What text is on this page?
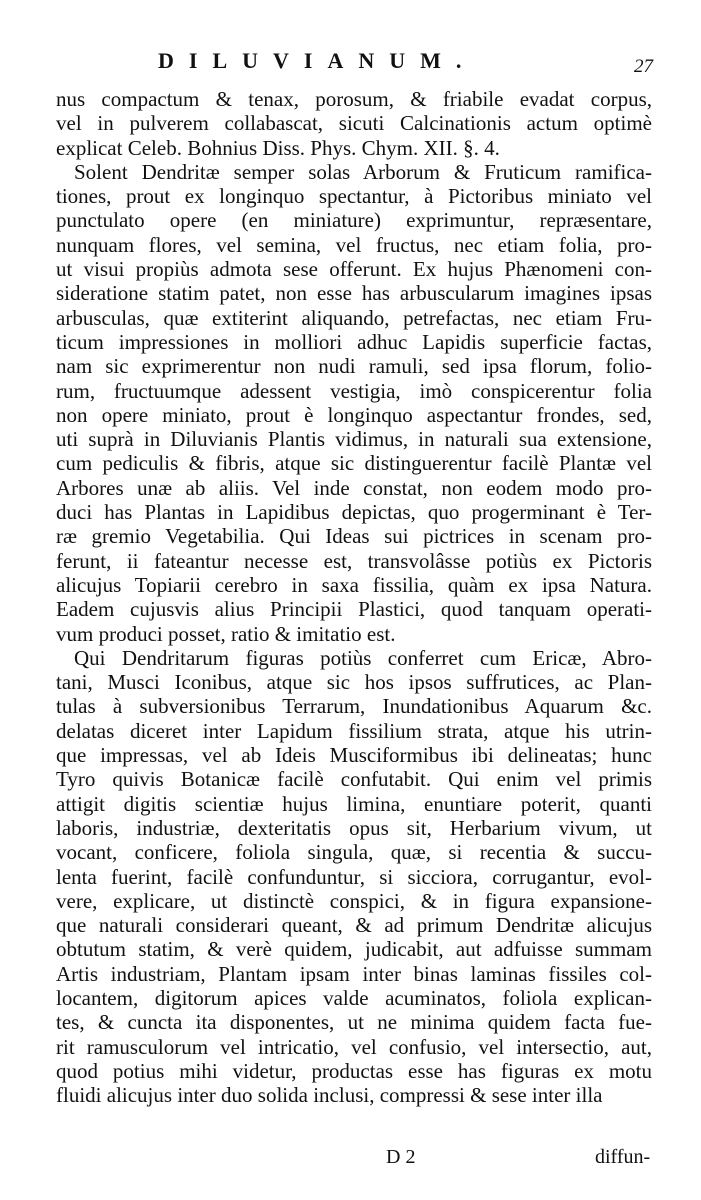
DILUVIANUM.	27
nus compactum & tenax, porosum, & friabile evadat corpus,
vel in pulverem collabascat, sicuti Calcinationis actum optimè
explicat Celeb. Bohnius Diss. Phys. Chym. XII. §. 4.
Solent Dendritæ semper solas Arborum & Fruticum ramifica-
tiones, prout ex longinquo spectantur, à Pictoribus miniato vel
punctulato opere (en miniature) exprimuntur, repræsentare,
nunquam flores, vel semina, vel fructus, nec etiam folia, pro-
ut visui propiùs admota sese offerunt. Ex hujus Phænomeni con-
sideratione statim patet, non esse has arbuscularum imagines ipsas
arbusculas, quæ extiterint aliquando, petrefactas, nec etiam Fru-
ticum impressiones in molliori adhuc Lapidis superficie factas,
nam sic exprimerentur non nudi ramuli, sed ipsa florum, folio-
rum, fructuumque adessent vestigia, imò conspicerentur folia
non opere miniato, prout è longinquo aspectantur frondes, sed,
uti suprà in Diluvianis Plantis vidimus, in naturali sua extensione,
cum pediculis & fibris, atque sic distinguerentur facilè Plantæ vel
Arbores unæ ab aliis. Vel inde constat, non eodem modo pro-
duci has Plantas in Lapidibus depictas, quo progerminant è Ter-
ræ gremio Vegetabilia. Qui Ideas sui pictrices in scenam pro-
ferunt, ii fateantur necesse est, transvolâsse potiùs ex Pictoris
alicujus Topiarii cerebro in saxa fissilia, quàm ex ipsa Natura.
Eadem cujusvis alius Principii Plastici, quod tanquam operati-
vum produci posset, ratio & imitatio est.
Qui Dendritarum figuras potiùs conferret cum Ericæ, Abro-
tani, Musci Iconibus, atque sic hos ipsos suffrutices, ac Plan-
tulas à subversionibus Terrarum, Inundationibus Aquarum &c.
delatas diceret inter Lapidum fissilium strata, atque his utrin-
que impressas, vel ab Ideis Musciformibus ibi delineatas; hunc
Tyro quivis Botanicæ facilè confutabit. Qui enim vel primis
attigit digitis scientiæ hujus limina, enuntiare poterit, quanti
laboris, industriæ, dexteritatis opus sit, Herbarium vivum, ut
vocant, conficere, foliola singula, quæ, si recentia & succu-
lenta fuerint, facilè confunduntur, si sicciora, corrugantur, evol-
vere, explicare, ut distinctè conspici, & in figura expansione-
que naturali considerari queant, & ad primum Dendritæ alicujus
obtutum statim, & verè quidem, judicabit, aut adfuisse summam
Artis industriam, Plantam ipsam inter binas laminas fissiles col-
locantem, digitorum apices valde acuminatos, foliola explican-
tes, & cuncta ita disponentes, ut ne minima quidem facta fue-
rit ramusculorum vel intricatio, vel confusio, vel intersectio, aut,
quod potius mihi videtur, productas esse has figuras ex motu
fluidi alicujus inter duo solida inclusi, compressi & sese inter illa
D 2	diffun-
